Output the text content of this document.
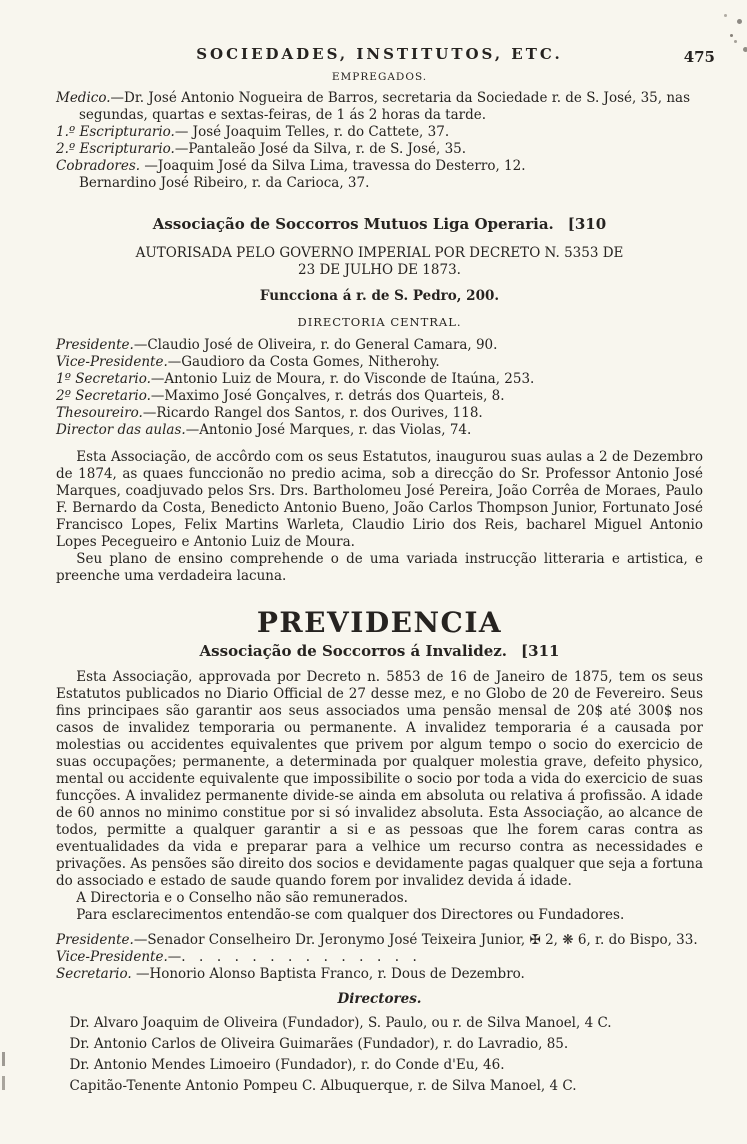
SOCIEDADES, INSTITUTOS, ETC.	475
EMPREGADOS.

Medico.—Dr. José Antonio Nogueira de Barros, secretaria da Sociedade r. de S. José, 35, nas segundas, quartas e sextas-feiras, de 1 ás 2 horas da tarde.

1.º Escripturario.— José Joaquim Telles, r. do Cattete, 37.

2.º Escripturario.—Pantaleão José da Silva, r. de S. José, 35.

Cobradores. —Joaquim José da Silva Lima, travessa do Desterro, 12.

Bernardino José Ribeiro, r. da Carioca, 37.

Associação de Soccorros Mutuos Liga Operaria. [310
AUTORISADA PELO GOVERNO IMPERIAL POR DECRETO N. 5353 DE 23 DE JULHO DE 1873.
Funcciona á r. de S. Pedro, 200.
DIRECTORIA CENTRAL.

Presidente.—Claudio José de Oliveira, r. do General Camara, 90.

Vice-Presidente.—Gaudioro da Costa Gomes, Nitherohy.

1º Secretario.—Antonio Luiz de Moura, r. do Visconde de Itaúna, 253.

2º Secretario.—Maximo José Gonçalves, r. detrás dos Quarteis, 8.

Thesoureiro.—Ricardo Rangel dos Santos, r. dos Ourives, 118.

Director das aulas.—Antonio José Marques, r. das Violas, 74.

Esta Associação, de accôrdo com os seus Estatutos, inaugurou suas aulas a 2 de Dezembro de 1874, as quaes funccionão no predio acima, sob a direcção do Sr. Professor Antonio José Marques, coadjuvado pelos Srs. Drs. Bartholomeu José Pereira, João Corrêa de Moraes, Paulo F. Bernardo da Costa, Benedicto Antonio Bueno, João Carlos Thompson Junior, Fortunato José Francisco Lopes, Felix Martins Warleta, Claudio Lirio dos Reis, bacharel Miguel Antonio Lopes Pecegueiro e Antonio Luiz de Moura.

Seu plano de ensino comprehende o de uma variada instrucção litteraria e artistica, e preenche uma verdadeira lacuna.

PREVIDENCIA
Associação de Soccorros á Invalidez. [311

Esta Associação, approvada por Decreto n. 5853 de 16 de Janeiro de 1875, tem os seus Estatutos publicados no Diario Official de 27 desse mez, e no Globo de 20 de Fevereiro. Seus fins principaes são garantir aos seus associados uma pensão mensal de 20$ até 300$ nos casos de invalidez temporaria ou permanente. A invalidez temporaria é a causada por molestias ou accidentes equivalentes que privem por algum tempo o socio do exercicio de suas occupações; permanente, a determinada por qualquer molestia grave, defeito physico, mental ou accidente equivalente que impossibilite o socio por toda a vida do exercicio de suas funcções. A invalidez permanente divide-se ainda em absoluta ou relativa á profissão. A idade de 60 annos no minimo constitue por si só invalidez absoluta. Esta Associação, ao alcance de todos, permitte a qualquer garantir a si e as pessoas que lhe forem caras contra as eventualidades da vida e preparar para a velhice um recurso contra as necessidades e privações. As pensões são direito dos socios e devidamente pagas qualquer que seja a fortuna do associado e estado de saude quando forem por invalidez devida á idade.

A Directoria e o Conselho não são remunerados.

Para esclarecimentos entendão-se com qualquer dos Directores ou Fundadores.

Presidente.—Senador Conselheiro Dr. Jeronymo José Teixeira Junior, ✠ 2, ❋ 6, r. do Bispo, 33.

Vice-Presidente.—.  .  .  .  .  .  .  .  .  .  .  .  .  .

Secretario. —Honorio Alonso Baptista Franco, r. Dous de Dezembro.

Directores.

Dr. Alvaro Joaquim de Oliveira (Fundador), S. Paulo, ou r. de Silva Manoel, 4 C.

Dr. Antonio Carlos de Oliveira Guimarães (Fundador), r. do Lavradio, 85.

Dr. Antonio Mendes Limoeiro (Fundador), r. do Conde d'Eu, 46.

Capitão-Tenente Antonio Pompeu C. Albuquerque, r. de Silva Manoel, 4 C.
